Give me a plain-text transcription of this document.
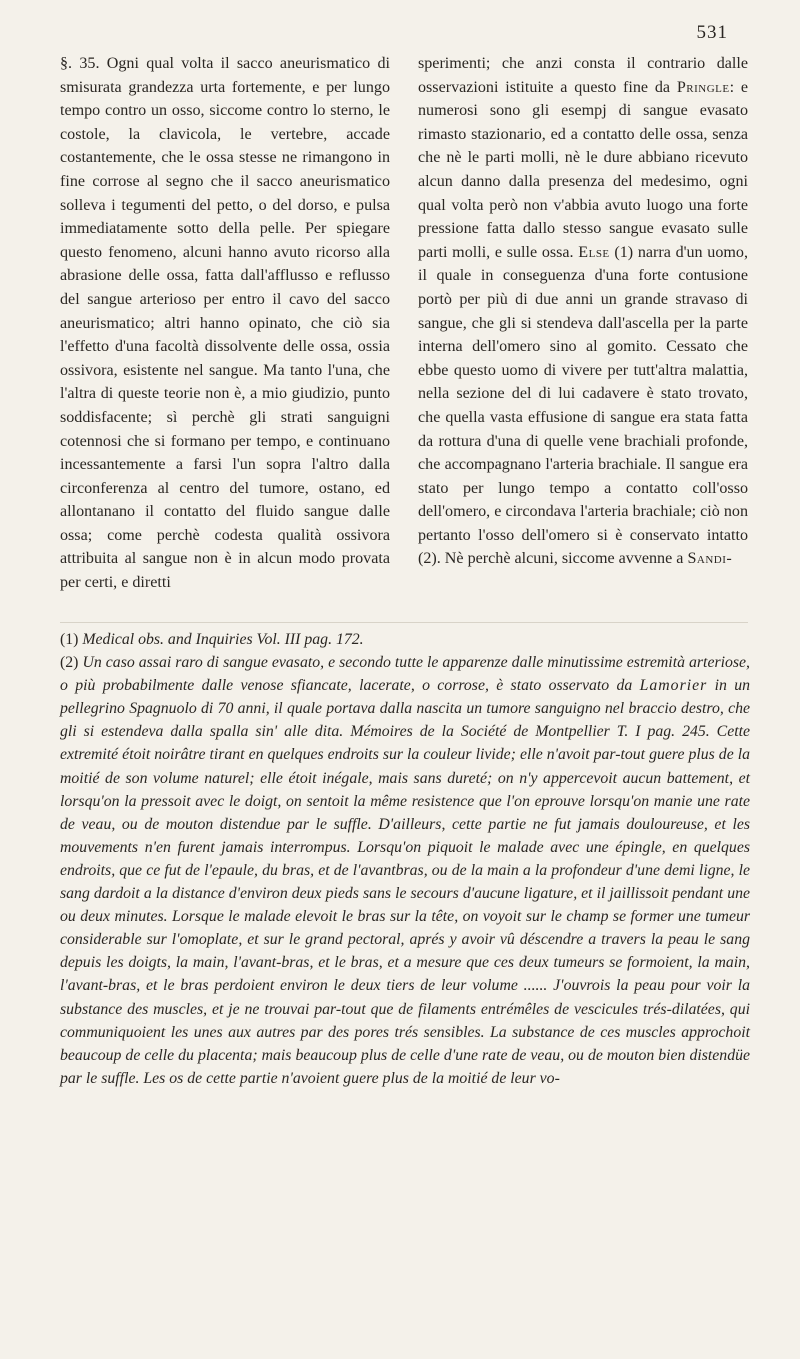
531
§. 35. Ogni qual volta il sacco aneurismatico di smisurata grandezza urta fortemente, e per lungo tempo contro un osso, siccome contro lo sterno, le costole, la clavicola, le vertebre, accade costantemente, che le ossa stesse ne rimangono in fine corrose al segno che il sacco aneurismatico solleva i tegumenti del petto, o del dorso, e pulsa immediatamente sotto della pelle. Per spiegare questo fenomeno, alcuni hanno avuto ricorso alla abrasione delle ossa, fatta dall'afflusso e reflusso del sangue arterioso per entro il cavo del sacco aneurismatico; altri hanno opinato, che ciò sia l'effetto d'una facoltà dissolvente delle ossa, ossia ossivora, esistente nel sangue. Ma tanto l'una, che l'altra di queste teorie non è, a mio giudizio, punto soddisfacente; sì perchè gli strati sanguigni cotennosi che si formano per tempo, e continuano incessantemente a farsi l'un sopra l'altro dalla circonferenza al centro del tumore, ostano, ed allontanano il contatto del fluido sangue dalle ossa; come perchè codesta qualità ossivora attribuita al sangue non è in alcun modo provata per certi, e diretti
sperimenti; che anzi consta il contrario dalle osservazioni istituite a questo fine da Pringle: e numerosi sono gli esempj di sangue evasato rimasto stazionario, ed a contatto delle ossa, senza che nè le parti molli, nè le dure abbiano ricevuto alcun danno dalla presenza del medesimo, ogni qual volta però non v'abbia avuto luogo una forte pressione fatta dallo stesso sangue evasato sulle parti molli, e sulle ossa. Else (1) narra d'un uomo, il quale in conseguenza d'una forte contusione portò per più di due anni un grande stravaso di sangue, che gli si stendeva dall'ascella per la parte interna dell'omero sino al gomito. Cessato che ebbe questo uomo di vivere per tutt'altra malattia, nella sezione del di lui cadavere è stato trovato, che quella vasta effusione di sangue era stata fatta da rottura d'una di quelle vene brachiali profonde, che accompagnano l'arteria brachiale. Il sangue era stato per lungo tempo a contatto coll'osso dell'omero, e circondava l'arteria brachiale; ciò non pertanto l'osso dell'omero si è conservato intatto (2). Nè perchè alcuni, siccome avvenne a Sandi-

(1) Medical obs. and Inquiries Vol. III pag. 172.

(2) Un caso assai raro di sangue evasato, e secondo tutte le apparenze dalle minutissime estremità arteriose, o più probabilmente dalle venose sfiancate, lacerate, o corrose, è stato osservato da Lamorier in un pellegrino Spagnuolo di 70 anni, il quale portava dalla nascita un tumore sanguigno nel braccio destro, che gli si estendeva dalla spalla sin' alle dita. Mémoires de la Société de Montpellier T. I pag. 245. Cette extremité étoit noirâtre tirant en quelques endroits sur la couleur livide; elle n'avoit par-tout guere plus de la moitié de son volume naturel; elle étoit inégale, mais sans dureté; on n'y appercevoit aucun battement, et lorsqu'on la pressoit avec le doigt, on sentoit la même resistence que l'on eprouve lorsqu'on manie une rate de veau, ou de mouton distendue par le suffle. D'ailleurs, cette partie ne fut jamais douloureuse, et les mouvements n'en furent jamais interrompus. Lorsqu'on piquoit le malade avec une épingle, en quelques endroits, que ce fut de l'epaule, du bras, et de l'avantbras, ou de la main a la profondeur d'une demi ligne, le sang dardoit a la distance d'environ deux pieds sans le secours d'aucune ligature, et il jaillissoit pendant une ou deux minutes. Lorsque le malade elevoit le bras sur la tête, on voyoit sur le champ se former une tumeur considerable sur l'omoplate, et sur le grand pectoral, aprés y avoir vû déscendre a travers la peau le sang depuis les doigts, la main, l'avant-bras, et le bras, et a mesure que ces deux tumeurs se formoient, la main, l'avant-bras, et le bras perdoient environ le deux tiers de leur volume ...... J'ouvrois la peau pour voir la substance des muscles, et je ne trouvai par-tout que de filaments entrémêles de vescicules trés-dilatées, qui communiquoient les unes aux autres par des pores trés sensibles. La substance de ces muscles approchoit beaucoup de celle du placenta; mais beaucoup plus de celle d'une rate de veau, ou de mouton bien distendüe par le suffle. Les os de cette partie n'avoient guere plus de la moitié de leur vo-
